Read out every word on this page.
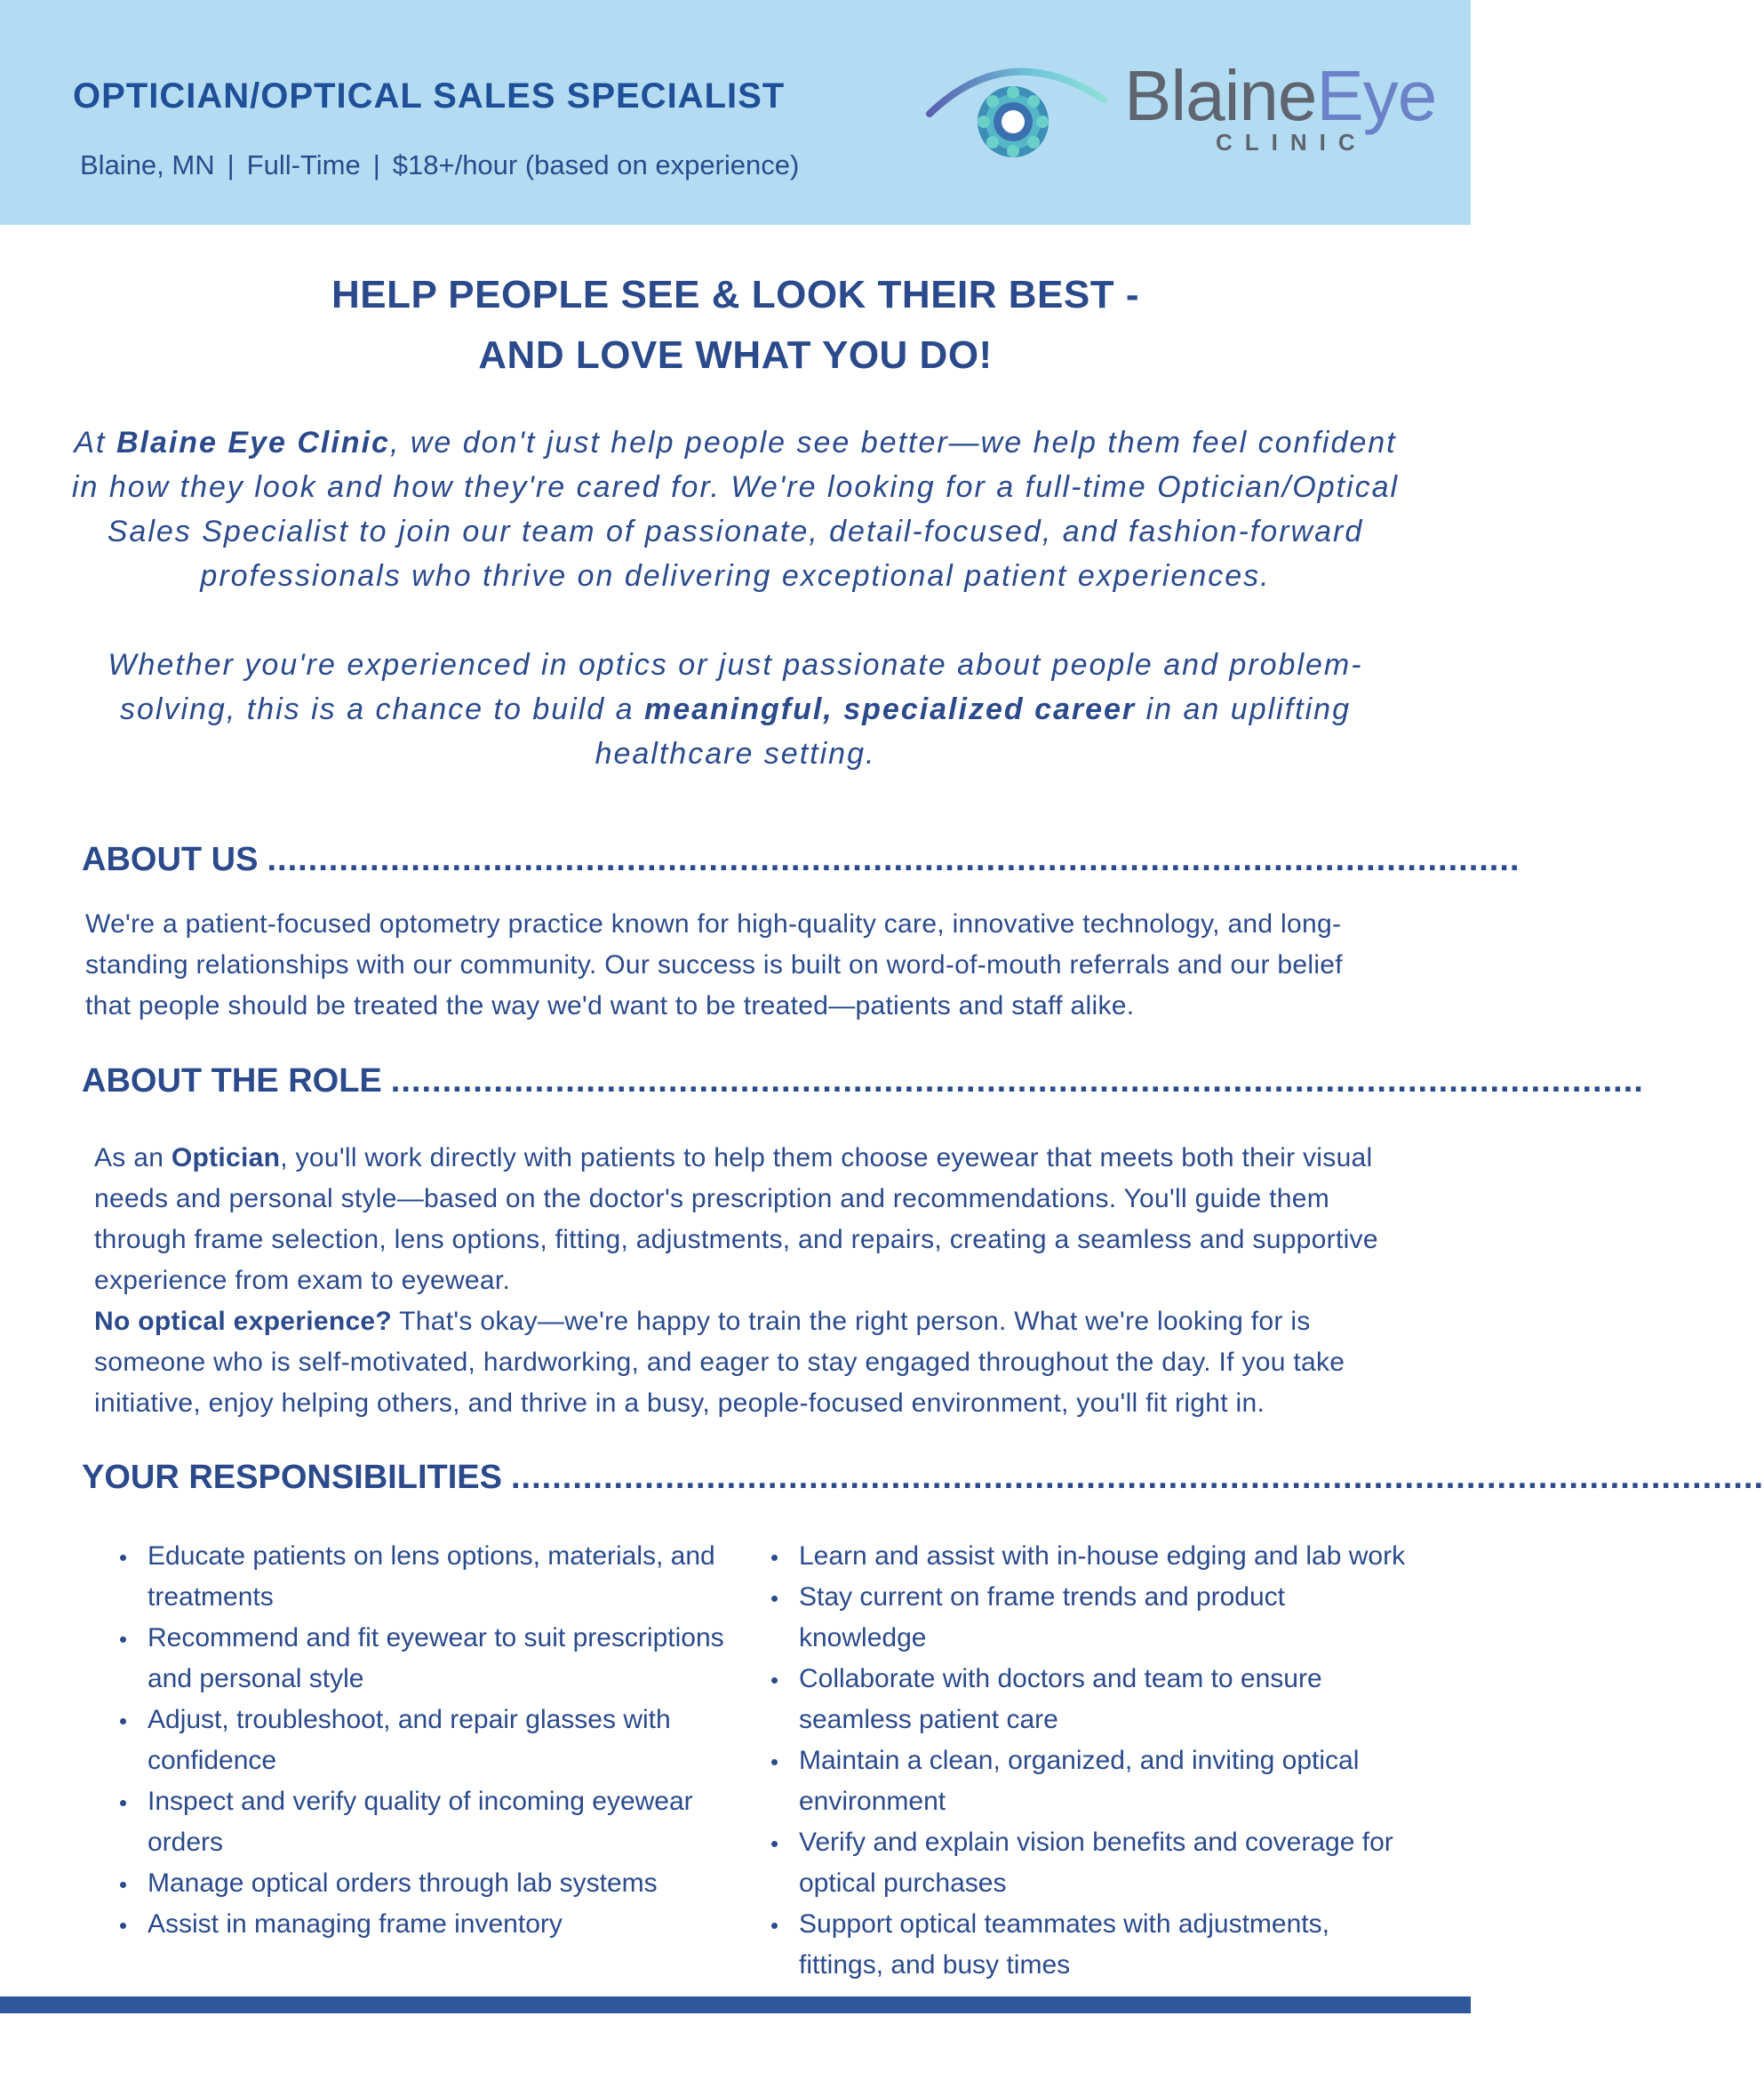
OPTICIAN/OPTICAL SALES SPECIALIST
Blaine, MN | Full-Time | $18+/hour (based on experience)
BlaineEye
CLINIC
HELP PEOPLE SEE & LOOK THEIR BEST -
AND LOVE WHAT YOU DO!
At Blaine Eye Clinic, we don't just help people see better—we help them feel confident in how they look and how they're cared for. We're looking for a full-time Optician/Optical Sales Specialist to join our team of passionate, detail-focused, and fashion-forward professionals who thrive on delivering exceptional patient experiences.
Whether you're experienced in optics or just passionate about people and problem-solving, this is a chance to build a meaningful, specialized career in an uplifting healthcare setting.
ABOUT US ..........................................................................................................................
We're a patient-focused optometry practice known for high-quality care, innovative technology, and long-standing relationships with our community. Our success is built on word-of-mouth referrals and our belief that people should be treated the way we'd want to be treated—patients and staff alike.
ABOUT THE ROLE ..........................................................................................................................
As an Optician, you'll work directly with patients to help them choose eyewear that meets both their visual needs and personal style—based on the doctor's prescription and recommendations. You'll guide them through frame selection, lens options, fitting, adjustments, and repairs, creating a seamless and supportive experience from exam to eyewear.
No optical experience? That's okay—we're happy to train the right person. What we're looking for is someone who is self-motivated, hardworking, and eager to stay engaged throughout the day. If you take initiative, enjoy helping others, and thrive in a busy, people-focused environment, you'll fit right in.
YOUR RESPONSIBILITIES ..........................................................................................................................
• Educate patients on lens options, materials, and treatments
• Recommend and fit eyewear to suit prescriptions and personal style
• Adjust, troubleshoot, and repair glasses with confidence
• Inspect and verify quality of incoming eyewear orders
• Manage optical orders through lab systems
• Assist in managing frame inventory
• Learn and assist with in-house edging and lab work
• Stay current on frame trends and product knowledge
• Collaborate with doctors and team to ensure seamless patient care
• Maintain a clean, organized, and inviting optical environment
• Verify and explain vision benefits and coverage for optical purchases
• Support optical teammates with adjustments, fittings, and busy times
